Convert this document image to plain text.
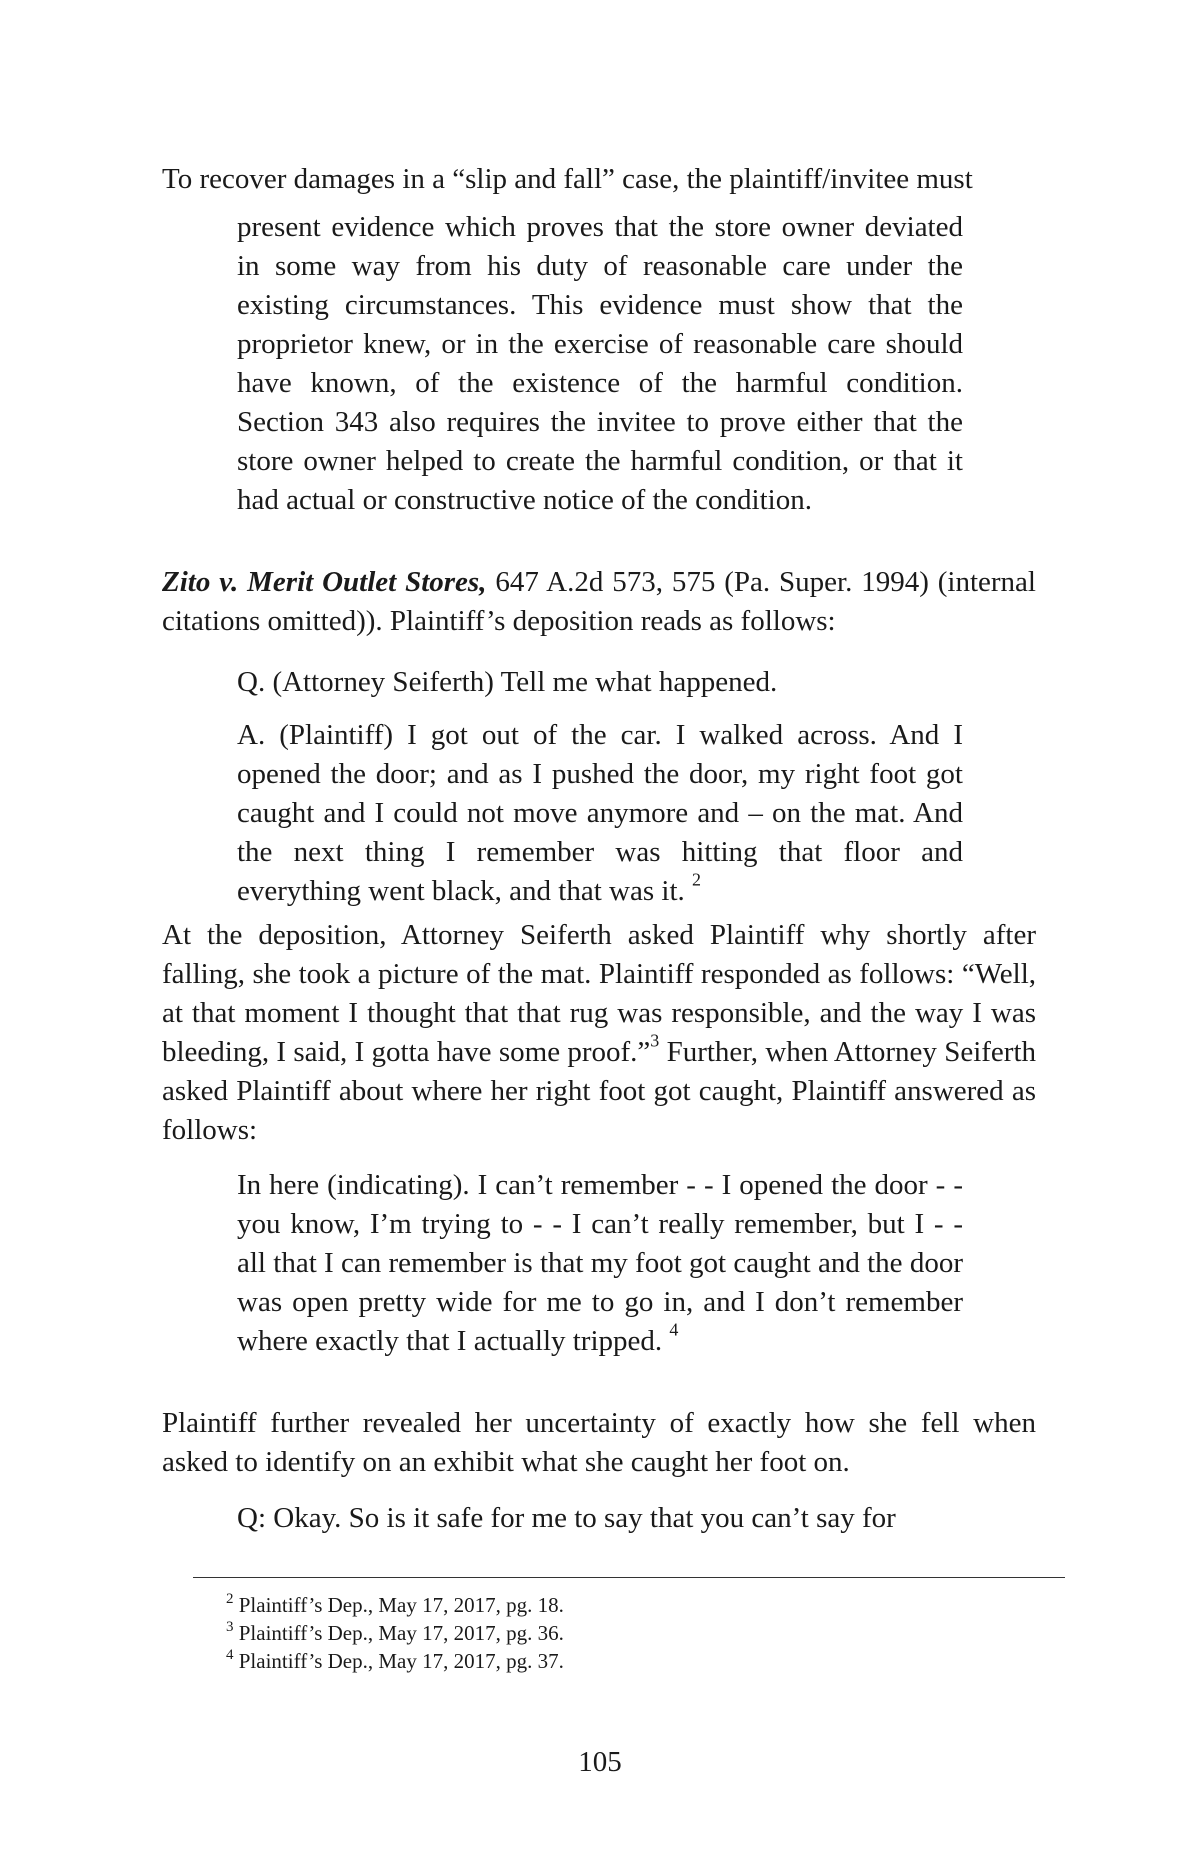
To recover damages in a “slip and fall” case, the plaintiff/invitee must
present evidence which proves that the store owner deviated in some way from his duty of reasonable care under the existing circumstances. This evidence must show that the proprietor knew, or in the exercise of reasonable care should have known, of the existence of the harmful condition. Section 343 also requires the invitee to prove either that the store owner helped to create the harmful condition, or that it had actual or constructive notice of the condition.
Zito v. Merit Outlet Stores, 647 A.2d 573, 575 (Pa. Super. 1994) (internal citations omitted)). Plaintiff’s deposition reads as follows:
Q. (Attorney Seiferth) Tell me what happened.
A. (Plaintiff) I got out of the car. I walked across. And I opened the door; and as I pushed the door, my right foot got caught and I could not move anymore and – on the mat. And the next thing I remember was hitting that floor and everything went black, and that was it. $^2$
At the deposition, Attorney Seiferth asked Plaintiff why shortly after falling, she took a picture of the mat. Plaintiff responded as follows: “Well, at that moment I thought that that rug was responsible, and the way I was bleeding, I said, I gotta have some proof.”$^3$ Further, when Attorney Seiferth asked Plaintiff about where her right foot got caught, Plaintiff answered as follows:
In here (indicating). I can’t remember - - I opened the door - - you know, I’m trying to - - I can’t really remember, but I - - all that I can remember is that my foot got caught and the door was open pretty wide for me to go in, and I don’t remember where exactly that I actually tripped. $^4$
Plaintiff further revealed her uncertainty of exactly how she fell when asked to identify on an exhibit what she caught her foot on.
Q: Okay. So is it safe for me to say that you can’t say for
$^2$ Plaintiff’s Dep., May 17, 2017, pg. 18.
$^3$ Plaintiff’s Dep., May 17, 2017, pg. 36.
$^4$ Plaintiff’s Dep., May 17, 2017, pg. 37.
105
